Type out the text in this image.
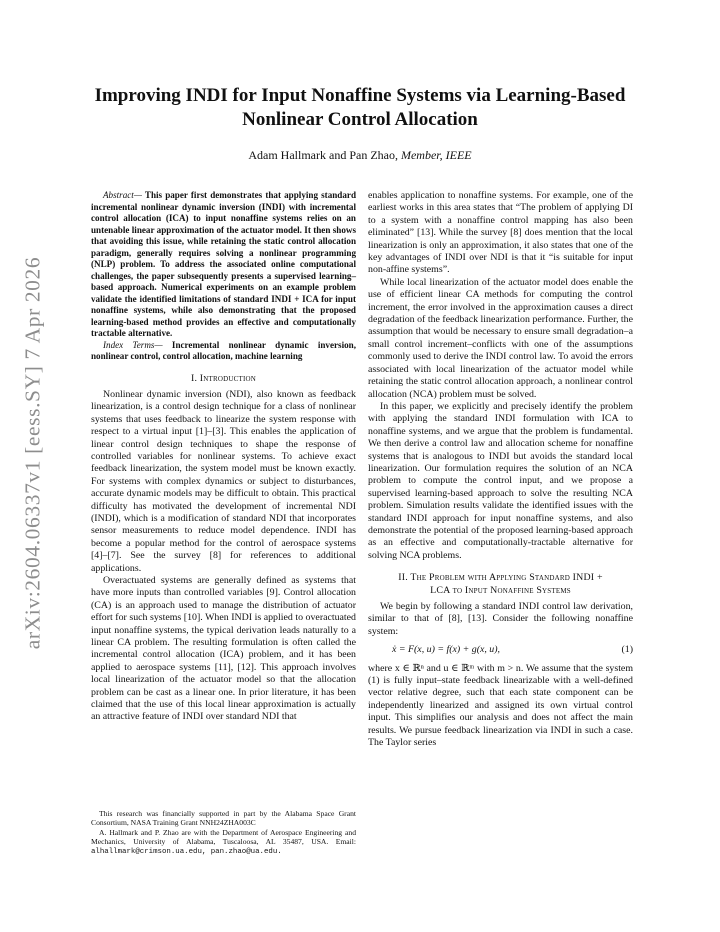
arXiv:2604.06337v1 [eess.SY] 7 Apr 2026
Improving INDI for Input Nonaffine Systems via Learning-Based
Nonlinear Control Allocation
Adam Hallmark and Pan Zhao, Member, IEEE

Abstract— This paper first demonstrates that applying standard incremental nonlinear dynamic inversion (INDI) with incremental control allocation (ICA) to input nonaffine systems relies on an untenable linear approximation of the actuator model. It then shows that avoiding this issue, while retaining the static control allocation paradigm, generally requires solving a nonlinear programming (NLP) problem. To address the associated online computational challenges, the paper subsequently presents a supervised learning–based approach. Numerical experiments on an example problem validate the identified limitations of standard INDI + ICA for input nonaffine systems, while also demonstrating that the proposed learning-based method provides an effective and computationally tractable alternative.

Index Terms— Incremental nonlinear dynamic inversion, nonlinear control, control allocation, machine learning

I. Introduction

Nonlinear dynamic inversion (NDI), also known as feedback linearization, is a control design technique for a class of nonlinear systems that uses feedback to linearize the system response with respect to a virtual input [1]–[3]. This enables the application of linear control design techniques to shape the response of controlled variables for nonlinear systems. To achieve exact feedback linearization, the system model must be known exactly. For systems with complex dynamics or subject to disturbances, accurate dynamic models may be difficult to obtain. This practical difficulty has motivated the development of incremental NDI (INDI), which is a modification of standard NDI that incorporates sensor measurements to reduce model dependence. INDI has become a popular method for the control of aerospace systems [4]–[7]. See the survey [8] for references to additional applications.

Overactuated systems are generally defined as systems that have more inputs than controlled variables [9]. Control allocation (CA) is an approach used to manage the distribution of actuator effort for such systems [10]. When INDI is applied to overactuated input nonaffine systems, the typical derivation leads naturally to a linear CA problem. The resulting formulation is often called the incremental control allocation (ICA) problem, and it has been applied to aerospace systems [11], [12]. This approach involves local linearization of the actuator model so that the allocation problem can be cast as a linear one. In prior literature, it has been claimed that the use of this local linear approximation is actually an attractive feature of INDI over standard NDI that

This research was financially supported in part by the Alabama Space Grant Consortium, NASA Training Grant NNH24ZHA003C

A. Hallmark and P. Zhao are with the Department of Aerospace Engineering and Mechanics, University of Alabama, Tuscaloosa, AL 35487, USA. Email: alhallmark@crimson.ua.edu, pan.zhao@ua.edu.

enables application to nonaffine systems. For example, one of the earliest works in this area states that “The problem of applying DI to a system with a nonaffine control mapping has also been eliminated” [13]. While the survey [8] does mention that the local linearization is only an approximation, it also states that one of the key advantages of INDI over NDI is that it “is suitable for input non-affine systems”.

While local linearization of the actuator model does enable the use of efficient linear CA methods for computing the control increment, the error involved in the approximation causes a direct degradation of the feedback linearization performance. Further, the assumption that would be necessary to ensure small degradation–a small control increment–conflicts with one of the assumptions commonly used to derive the INDI control law. To avoid the errors associated with local linearization of the actuator model while retaining the static control allocation approach, a nonlinear control allocation (NCA) problem must be solved.

In this paper, we explicitly and precisely identify the problem with applying the standard INDI formulation with ICA to nonaffine systems, and we argue that the problem is fundamental. We then derive a control law and allocation scheme for nonaffine systems that is analogous to INDI but avoids the standard local linearization. Our formulation requires the solution of an NCA problem to compute the control input, and we propose a supervised learning-based approach to solve the resulting NCA problem. Simulation results validate the identified issues with the standard INDI approach for input nonaffine systems, and also demonstrate the potential of the proposed learning-based approach as an effective and computationally-tractable alternative for solving NCA problems.

II. The Problem with Applying Standard INDI +
LCA to Input Nonaffine Systems

We begin by following a standard INDI control law derivation, similar to that of [8], [13]. Consider the following nonaffine system:

ẋ = F(x, u) = f(x) + g(x, u),	(1)

where x ∈ ℝⁿ and u ∈ ℝᵐ with m > n. We assume that the system (1) is fully input–state feedback linearizable with a well-defined vector relative degree, such that each state component can be independently linearized and assigned its own virtual control input. This simplifies our analysis and does not affect the main results. We pursue feedback linearization via INDI in such a case. The Taylor series
